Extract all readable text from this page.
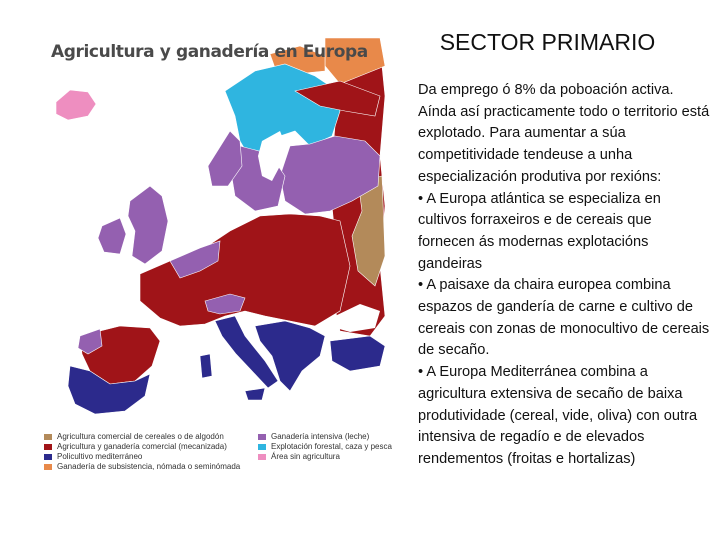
SECTOR PRIMARIO

Da emprego ó 8% da poboación activa. Aínda así practicamente todo o territorio está explotado. Para aumentar a súa competitividade tendeuse a unha especialización produtiva por rexións:

• A Europa atlántica se especializa en cultivos forraxeiros e de cereais que fornecen ás modernas explotacións gandeiras

• A paisaxe da chaira europea combina espazos de gandería de carne e cultivo de cereais con zonas de monocultivo de cereais de secaño.

• A Europa Mediterránea combina a agricultura extensiva de secaño de baixa produtividade (cereal, vide, oliva) con outra intensiva de regadío e de elevados rendementos (froitas e hortalizas)

Agricultura y ganadería en Europa
Agricultura comercial de cereales o de algodón
Agricultura y ganadería comercial (mecanizada)
Policultivo mediterráneo
Ganadería de subsistencia, nómada o seminómada
Ganadería intensiva (leche)
Explotación forestal, caza y pesca
Área sin agricultura
